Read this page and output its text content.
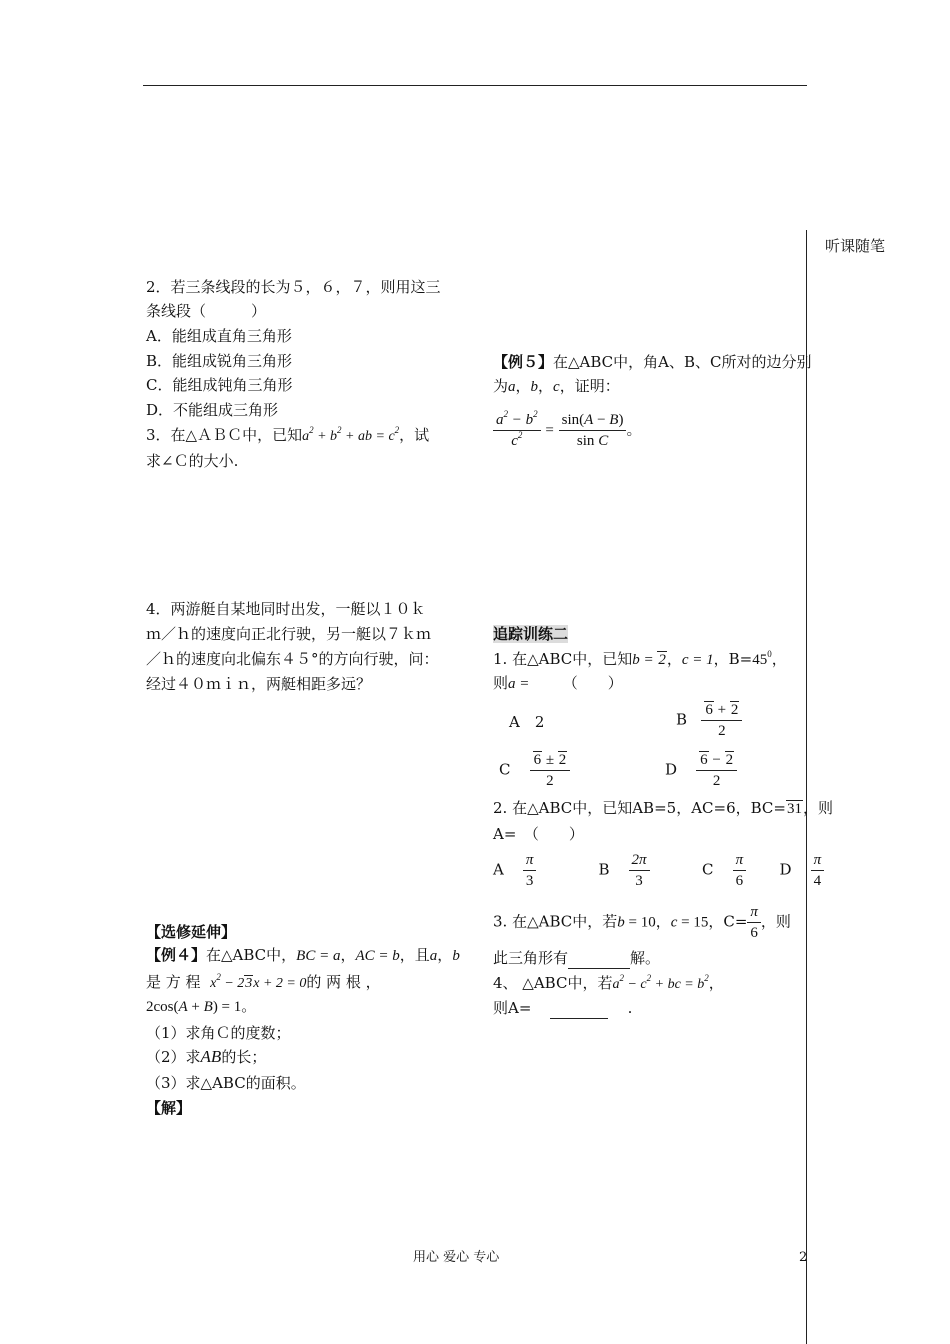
听课随笔
2．若三条线段的长为５，６，７，则用这三
条线段（　　　）
A．能组成直角三角形
B．能组成锐角三角形
C．能组成钝角三角形
D．不能组成三角形
3．在△ＡＢＣ中，已知$a^2 + b^2$ + ab = $c^2$，试
求∠Ｃ的大小.
4．两游艇自某地同时出发，一艇以１０ｋ
ｍ／ｈ的速度向正北行驶，另一艇以７ｋｍ
／ｈ的速度向北偏东４５°的方向行驶，问：
经过４０ｍｉｎ，两艇相距多远？
【选修延伸】
【例４】在△ABC中，BC = a，AC = b，且a，b
是 方 程 $x^2 - 23x + 2 = 0$的 两 根 ，
2cos(A + B) = 1。
（1）求角Ｃ的度数；
（2）求AB的长；
（3）求△ABC的面积。
【解】
【例５】在△ABC中，角A、B、C所对的边分别
为a，b，c，证明：
$\frac{a^2 - b^2}{c^2} = \frac{\sin(A - B)}{\text{sin C}}$ 。
追踪训练二
1. 在△ABC中，已知b = 2，c = 1，$B=45^0$，
则a = （　　）
A　2	B $\frac{6 + 2}{2}$
C $\frac{6 \pm 2}{2}$	D $\frac{6 - 2}{2}$
2. 在△ABC中，已知AB=5，AC=6，BC=31，则
A=　（　　）
A $\frac{\pi}{3}$	B $\frac{2\pi}{3}$	C $\frac{\pi}{6}$ D $\frac{\pi}{4}$
3. 在△ABC中，若b = 10，c = 15，$C= \frac{\pi}{6}$ ，则
此三角形有	解。
4、 △ABC中，若$a^2 - c^2$ + bc = $b^2$，
则A=	.
用心 爱心 专心	2
